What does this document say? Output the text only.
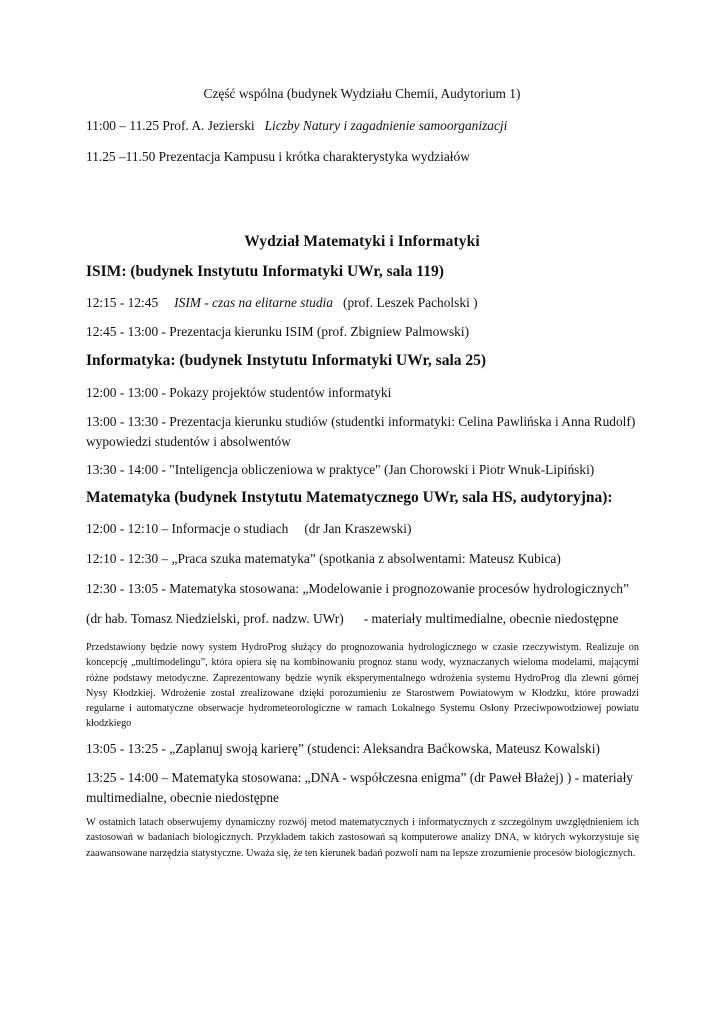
Część wspólna (budynek Wydziału Chemii, Audytorium 1)
11:00 – 11.25 Prof. A. Jezierski Liczby Natury i zagadnienie samoorganizacji
11.25 –11.50 Prezentacja Kampusu i krótka charakterystyka wydziałów
Wydział Matematyki i Informatyki
ISIM: (budynek Instytutu Informatyki UWr, sala 119)
12:15 - 12:45 ISIM - czas na elitarne studia (prof. Leszek Pacholski )
12:45 - 13:00 - Prezentacja kierunku ISIM (prof. Zbigniew Palmowski)
Informatyka: (budynek Instytutu Informatyki UWr, sala 25)
12:00 - 13:00 - Pokazy projektów studentów informatyki
13:00 - 13:30 - Prezentacja kierunku studiów (studentki informatyki: Celina Pawlińska i Anna Rudolf) wypowiedzi studentów i absolwentów
13:30 - 14:00 - "Inteligencja obliczeniowa w praktyce" (Jan Chorowski i Piotr Wnuk-Lipiński)
Matematyka (budynek Instytutu Matematycznego UWr, sala HS, audytoryjna):
12:00 - 12:10 – Informacje o studiach (dr Jan Kraszewski)
12:10 - 12:30 – „Praca szuka matematyka” (spotkania z absolwentami: Mateusz Kubica)
12:30 - 13:05 - Matematyka stosowana: „Modelowanie i prognozowanie procesów hydrologicznych”
(dr hab. Tomasz Niedzielski, prof. nadzw. UWr) - materiały multimedialne, obecnie niedostępne
Przedstawiony będzie nowy system HydroProg służący do prognozowania hydrologicznego w czasie rzeczywistym. Realizuje on koncepcję „multimodelingu”, która opiera się na kombinowaniu prognoz stanu wody, wyznaczanych wieloma modelami, mającymi różne podstawy metodyczne. Zaprezentowany będzie wynik eksperymentalnego wdrożenia systemu HydroProg dla zlewni górnej Nysy Kłodzkiej. Wdrożenie został zrealizowane dzięki porozumieniu ze Starostwem Powiatowym w Kłodzku, które prowadzi regularne i automatyczne obserwacje hydrometeorologiczne w ramach Lokalnego Systemu Osłony Przeciwpowodziowej powiatu kłodzkiego
13:05 - 13:25 - „Zaplanuj swoją karierę” (studenci: Aleksandra Baćkowska, Mateusz Kowalski)
13:25 - 14:00 – Matematyka stosowana: „DNA - współczesna enigma” (dr Paweł Błażej) ) - materiały multimedialne, obecnie niedostępne
W ostatnich latach obserwujemy dynamiczny rozwój metod matematycznych i informatycznych z szczególnym uwzględnieniem ich zastosowań w badaniach biologicznych. Przykładem takich zastosowań są komputerowe analizy DNA, w których wykorzystuje się zaawansowane narzędzia statystyczne. Uważa się, że ten kierunek badań pozwoli nam na lepsze zrozumienie procesów biologicznych.
